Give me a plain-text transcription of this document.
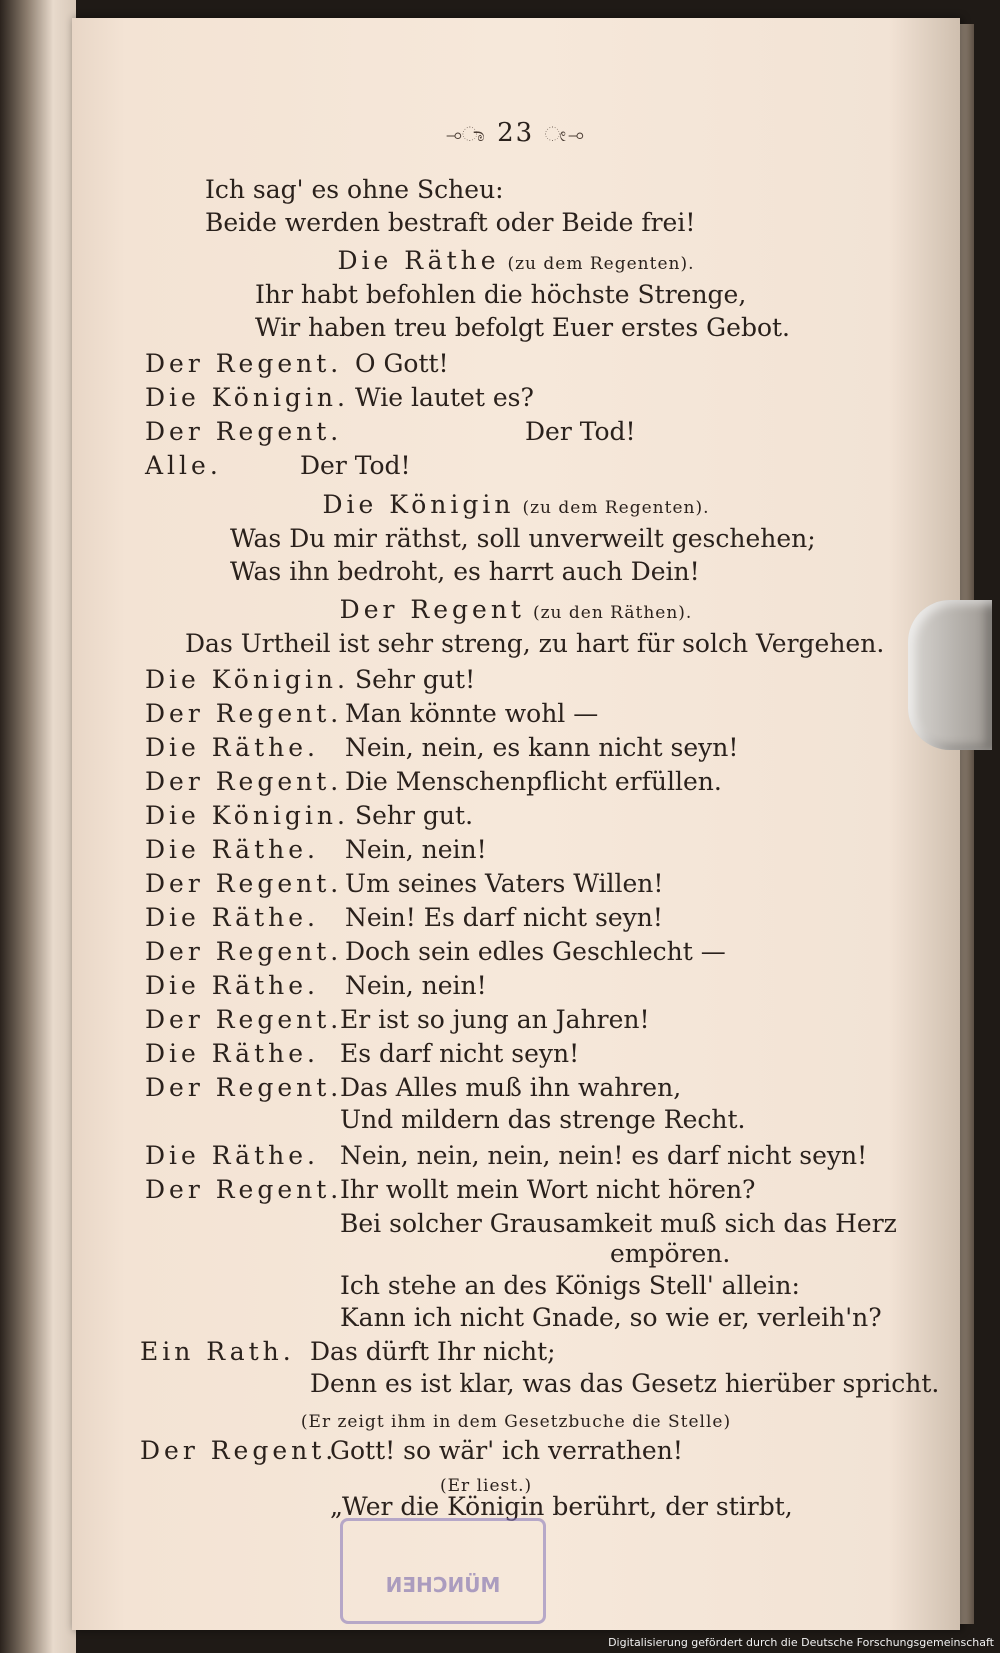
⊸ಾ 23 ೕ⊸
Ich sag' es ohne Scheu:
Beide werden bestraft oder Beide frei!
Die Räthe (zu dem Regenten).
Ihr habt befohlen die höchste Strenge,
Wir haben treu befolgt Euer erstes Gebot.
Der Regent. O Gott!
Die Königin. Wie lautet es?
Der Regent.	Der Tod!
Alle.	Der Tod!
Die Königin (zu dem Regenten).
Was Du mir räthst, soll unverweilt geschehen;
Was ihn bedroht, es harrt auch Dein!
Der Regent (zu den Räthen).
Das Urtheil ist sehr streng, zu hart für solch Vergehen.
Die Königin. Sehr gut!
Der Regent. Man könnte wohl —
Die Räthe. Nein, nein, es kann nicht seyn!
Der Regent. Die Menschenpflicht erfüllen.
Die Königin. Sehr gut.
Die Räthe. Nein, nein!
Der Regent. Um seines Vaters Willen!
Die Räthe. Nein! Es darf nicht seyn!
Der Regent. Doch sein edles Geschlecht —
Die Räthe. Nein, nein!
Der Regent.
Er ist so jung an Jahren!
Die Räthe. Es darf nicht seyn!
Der Regent.
Das Alles muß ihn wahren,
Und mildern das strenge Recht.
Die Räthe. Nein, nein, nein, nein! es darf nicht seyn!
Der Regent.
Ihr wollt mein Wort nicht hören?
Bei solcher Grausamkeit muß sich das Herz
empören.
Ich stehe an des Königs Stell' allein:
Kann ich nicht Gnade, so wie er, verleih'n?
Ein Rath. Das dürft Ihr nicht;
Denn es ist klar, was das Gesetz hierüber spricht.
(Er zeigt ihm in dem Gesetzbuche die Stelle)
Der Regent.
Gott! so wär' ich verrathen!
(Er liest.)
„Wer die Königin berührt, der stirbt,
MÜNCHEN
Digitalisierung gefördert durch die Deutsche Forschungsgemeinschaft
